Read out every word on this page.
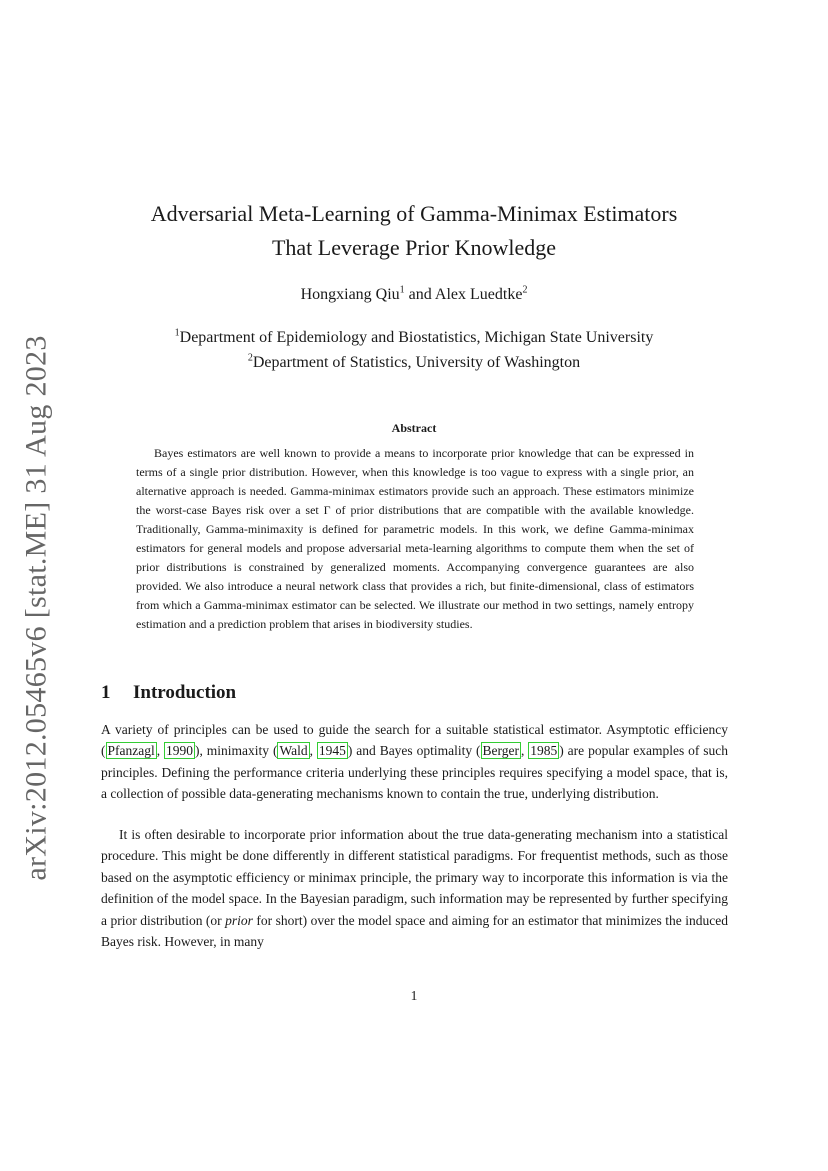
arXiv:2012.05465v6 [stat.ME] 31 Aug 2023
Adversarial Meta-Learning of Gamma-Minimax Estimators
That Leverage Prior Knowledge
Hongxiang Qiu$^1$ and Alex Luedtke$^2$
$^1$Department of Epidemiology and Biostatistics, Michigan State University
$^2$Department of Statistics, University of Washington
Abstract

Bayes estimators are well known to provide a means to incorporate prior knowledge that can be expressed in terms of a single prior distribution. However, when this knowledge is too vague to express with a single prior, an alternative approach is needed. Gamma-minimax estimators provide such an approach. These estimators minimize the worst-case Bayes risk over a set Γ of prior distributions that are compatible with the available knowledge. Traditionally, Gamma-minimaxity is defined for parametric models. In this work, we define Gamma-minimax estimators for general models and propose adversarial meta-learning algorithms to compute them when the set of prior distributions is constrained by generalized moments. Accompanying convergence guarantees are also provided. We also introduce a neural network class that provides a rich, but finite-dimensional, class of estimators from which a Gamma-minimax estimator can be selected. We illustrate our method in two settings, namely entropy estimation and a prediction problem that arises in biodiversity studies.

1 Introduction

A variety of principles can be used to guide the search for a suitable statistical estimator. Asymptotic efficiency ( Pfanzagl , 1990 ), minimaxity ( Wald , 1945 ) and Bayes optimality ( Berger , 1985 ) are popular examples of such principles. Defining the performance criteria underlying these principles requires specifying a model space, that is, a collection of possible data-generating mechanisms known to contain the true, underlying distribution.

It is often desirable to incorporate prior information about the true data-generating mechanism into a statistical procedure. This might be done differently in different statistical paradigms. For frequentist methods, such as those based on the asymptotic efficiency or minimax principle, the primary way to incorporate this information is via the definition of the model space. In the Bayesian paradigm, such information may be represented by further specifying a prior distribution (or prior for short) over the model space and aiming for an estimator that minimizes the induced Bayes risk. However, in many

1
